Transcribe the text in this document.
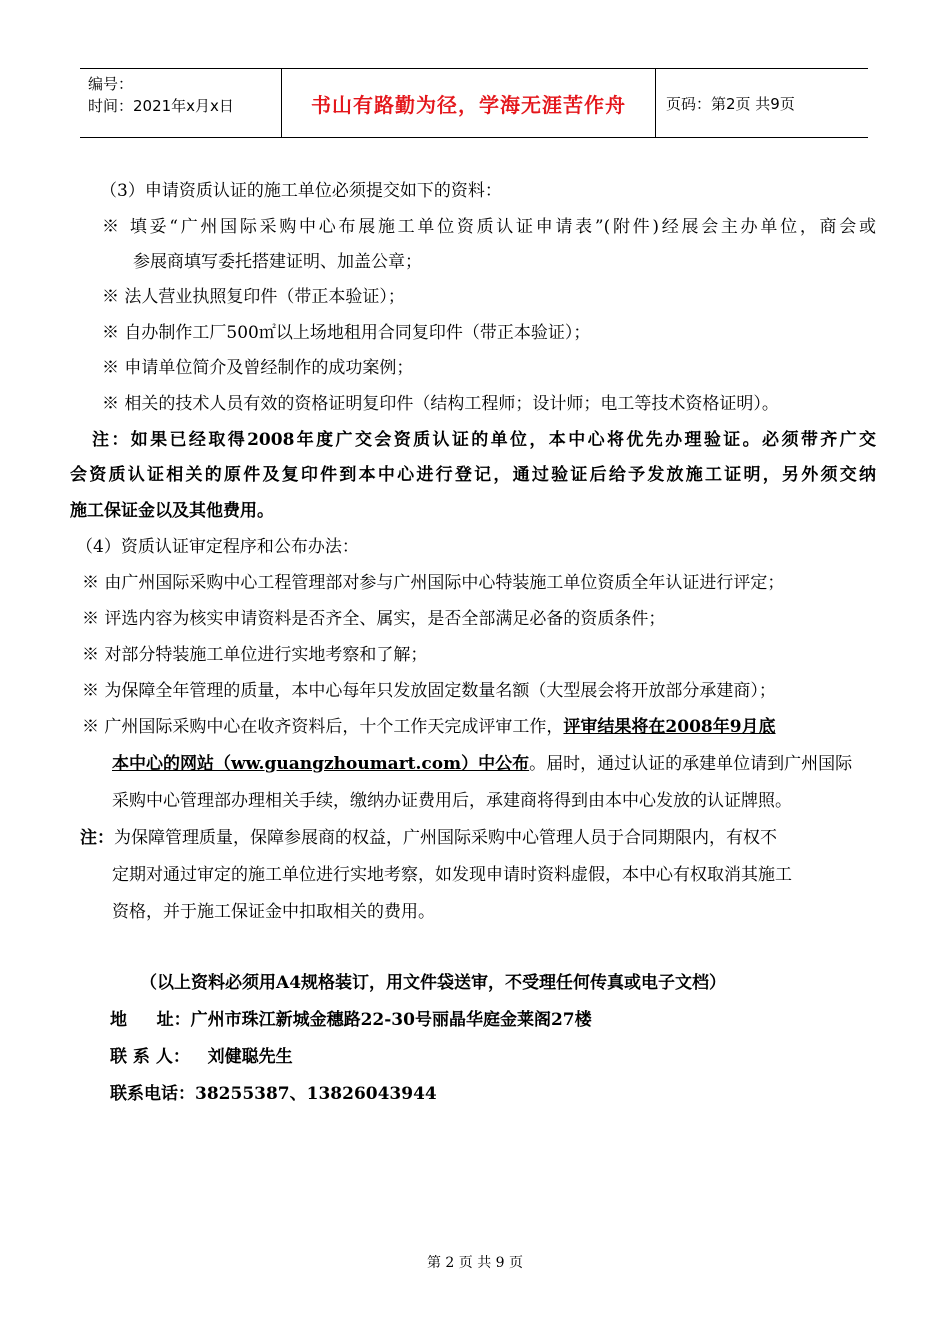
编号：
时间：2021年x月x日	书山有路勤为径，学海无涯苦作舟	页码：第2页 共9页
（3）申请资质认证的施工单位必须提交如下的资料：
※ 填妥“广州国际采购中心布展施工单位资质认证申请表”(附件)经展会主办单位，商会或
参展商填写委托搭建证明、加盖公章；
※ 法人营业执照复印件（带正本验证）；
※ 自办制作工厂500㎡以上场地租用合同复印件（带正本验证）；
※ 申请单位简介及曾经制作的成功案例；
※ 相关的技术人员有效的资格证明复印件（结构工程师；设计师；电工等技术资格证明）。
注：如果已经取得2008年度广交会资质认证的单位，本中心将优先办理验证。必须带齐广交
会资质认证相关的原件及复印件到本中心进行登记，通过验证后给予发放施工证明，另外须交纳
施工保证金以及其他费用。
（4）资质认证审定程序和公布办法：
※ 由广州国际采购中心工程管理部对参与广州国际中心特装施工单位资质全年认证进行评定；
※ 评选内容为核实申请资料是否齐全、属实，是否全部满足必备的资质条件；
※ 对部分特装施工单位进行实地考察和了解；
※ 为保障全年管理的质量，本中心每年只发放固定数量名额（大型展会将开放部分承建商）；
※ 广州国际采购中心在收齐资料后，十个工作天完成评审工作，评审结果将在2008年9月底
本中心的网站（ww.guangzhoumart.com）中公布。届时，通过认证的承建单位请到广州国际
采购中心管理部办理相关手续，缴纳办证费用后，承建商将得到由本中心发放的认证牌照。
注：为保障管理质量，保障参展商的权益，广州国际采购中心管理人员于合同期限内，有权不
定期对通过审定的施工单位进行实地考察，如发现申请时资料虚假，本中心有权取消其施工
资格，并于施工保证金中扣取相关的费用。
（以上资料必须用A4规格装订，用文件袋送审，不受理任何传真或电子文档）
地     址：广州市珠江新城金穗路22-30号丽晶华庭金莱阁27楼
联 系 人：   刘健聪先生
联系电话：38255387、13826043944
第 2 页 共 9 页
